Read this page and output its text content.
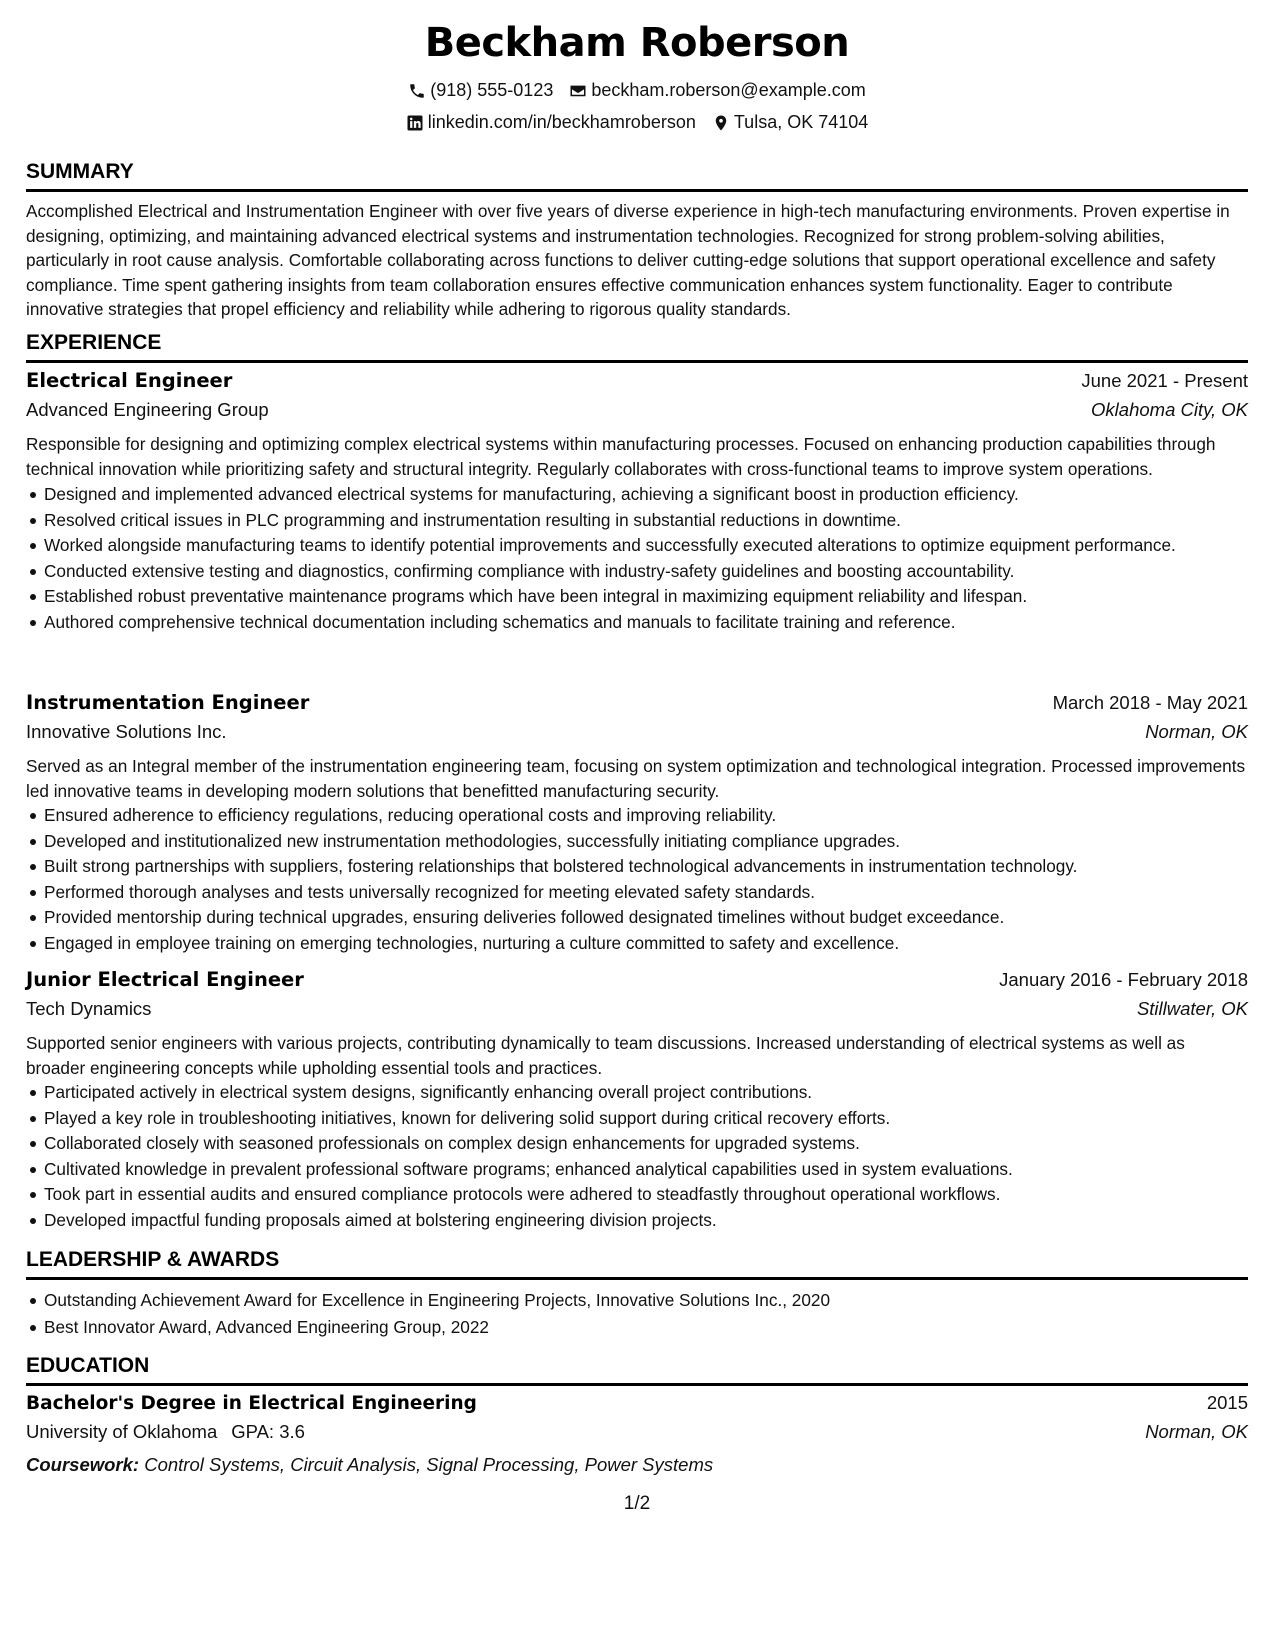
Beckham Roberson
(918) 555-0123 beckham.roberson@example.com
linkedin.com/in/beckhamroberson Tulsa, OK 74104
SUMMARY
Accomplished Electrical and Instrumentation Engineer with over five years of diverse experience in high-tech manufacturing environments. Proven expertise in designing, optimizing, and maintaining advanced electrical systems and instrumentation technologies. Recognized for strong problem-solving abilities, particularly in root cause analysis. Comfortable collaborating across functions to deliver cutting-edge solutions that support operational excellence and safety compliance. Time spent gathering insights from team collaboration ensures effective communication enhances system functionality. Eager to contribute innovative strategies that propel efficiency and reliability while adhering to rigorous quality standards.
EXPERIENCE
Electrical Engineer	June 2021 - Present
Advanced Engineering Group	Oklahoma City, OK
Responsible for designing and optimizing complex electrical systems within manufacturing processes. Focused on enhancing production capabilities through technical innovation while prioritizing safety and structural integrity. Regularly collaborates with cross-functional teams to improve system operations.
Designed and implemented advanced electrical systems for manufacturing, achieving a significant boost in production efficiency.
Resolved critical issues in PLC programming and instrumentation resulting in substantial reductions in downtime.
Worked alongside manufacturing teams to identify potential improvements and successfully executed alterations to optimize equipment performance.
Conducted extensive testing and diagnostics, confirming compliance with industry-safety guidelines and boosting accountability.
Established robust preventative maintenance programs which have been integral in maximizing equipment reliability and lifespan.
Authored comprehensive technical documentation including schematics and manuals to facilitate training and reference.
Instrumentation Engineer	March 2018 - May 2021
Innovative Solutions Inc.	Norman, OK
Served as an Integral member of the instrumentation engineering team, focusing on system optimization and technological integration. Processed improvements led innovative teams in developing modern solutions that benefitted manufacturing security.
Ensured adherence to efficiency regulations, reducing operational costs and improving reliability.
Developed and institutionalized new instrumentation methodologies, successfully initiating compliance upgrades.
Built strong partnerships with suppliers, fostering relationships that bolstered technological advancements in instrumentation technology.
Performed thorough analyses and tests universally recognized for meeting elevated safety standards.
Provided mentorship during technical upgrades, ensuring deliveries followed designated timelines without budget exceedance.
Engaged in employee training on emerging technologies, nurturing a culture committed to safety and excellence.
Junior Electrical Engineer	January 2016 - February 2018
Tech Dynamics	Stillwater, OK
Supported senior engineers with various projects, contributing dynamically to team discussions. Increased understanding of electrical systems as well as broader engineering concepts while upholding essential tools and practices.
Participated actively in electrical system designs, significantly enhancing overall project contributions.
Played a key role in troubleshooting initiatives, known for delivering solid support during critical recovery efforts.
Collaborated closely with seasoned professionals on complex design enhancements for upgraded systems.
Cultivated knowledge in prevalent professional software programs; enhanced analytical capabilities used in system evaluations.
Took part in essential audits and ensured compliance protocols were adhered to steadfastly throughout operational workflows.
Developed impactful funding proposals aimed at bolstering engineering division projects.
LEADERSHIP & AWARDS
Outstanding Achievement Award for Excellence in Engineering Projects, Innovative Solutions Inc., 2020
Best Innovator Award, Advanced Engineering Group, 2022
EDUCATION
Bachelor's Degree in Electrical Engineering	2015
University of Oklahoma GPA: 3.6	Norman, OK
Coursework: Control Systems, Circuit Analysis, Signal Processing, Power Systems
1/2
